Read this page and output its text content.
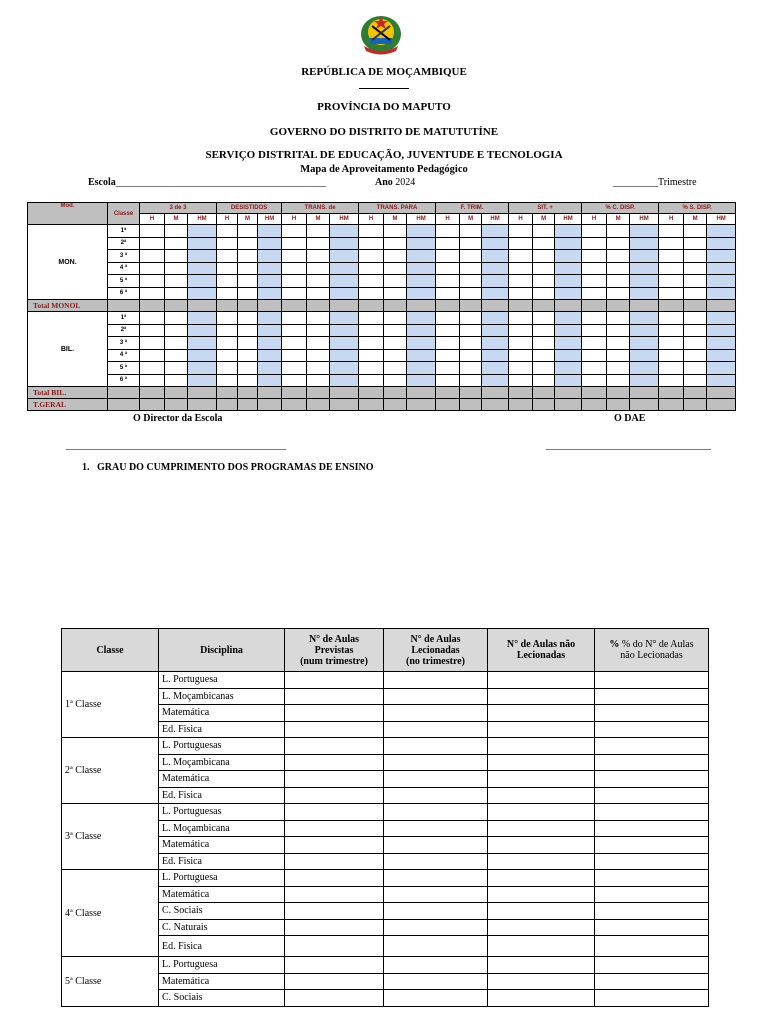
REPÚBLICA DE MOÇAMBIQUE
PROVÍNCIA DO MAPUTO
GOVERNO DO DISTRITO DE MATUTUTÍNE
SERVIÇO DISTRITAL DE EDUCAÇÃO, JUVENTUDE E TECNOLOGIA
Mapa de Aproveitamento Pedagógico
Escola__________________________________________	Ano 2024	_________Trimestre
Mod.	Classe	3 de 3			DESISTIDOS			TRANS. de			TRANS. PARA			F. TRIM.			SIT. +			% C. DISP.			% S. DISP.		
		H	M	HM	H	M	HM	H	M	HM	H	M	HM	H	M	HM	H	M	HM	H	M	HM	H	M	HM
MON.	1ª																								
	2ª																								
	3 ª																								
	4 ª																								
	5 ª																								
	6 ª																								
Total MONOL																									
BIL.	1ª																								
	2ª																								
	3 ª																								
	4 ª																								
	5 ª																								
	6 ª																								
Total BIL.																									
T.GERAL																									
O Director da Escola	O DAE
____________________________________________	_________________________________
1. GRAU DO CUMPRIMENTO DOS PROGRAMAS DE ENSINO
Classe	Disciplina	N° de Aulas
Previstas
(num trimestre)	N° de Aulas
Lecionadas
(no trimestre)	N° de Aulas não
Lecionadas	% % do N° de Aulas
não Lecionadas
1ª Classe	L. Portuguesa				
	L. Moçambicanas				
	Matemática				
	Ed. Fisica				
2ª Classe	L. Portuguesas				
	L. Moçambicana				
	Matemática				
	Ed. Fisica				
3ª Classe	L. Portuguesas				
	L. Moçambicana				
	Matemática				
	Ed. Fisica				
4ª Classe	L. Portuguesa				
	Matemática				
	C. Sociais				
	C. Naturais				
	Ed. Fisica				
5ª Classe	L. Portuguesa				
	Matemática				
	C. Sociais				
